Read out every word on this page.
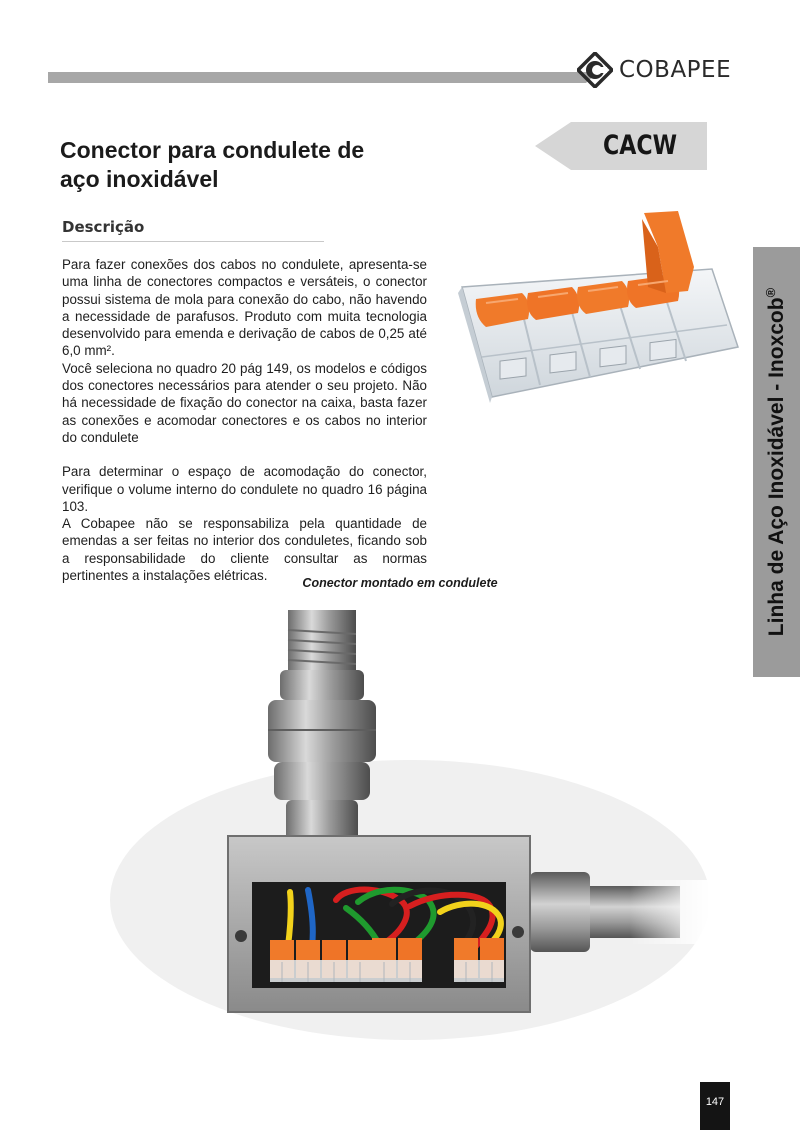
COBAPEE
Conector para condulete de
aço inoxidável
CACW
Descrição

Para fazer conexões dos cabos no condulete, apresenta-se uma linha de conectores compactos e versáteis, o conector possui sistema de mola para conexão do cabo, não havendo a necessidade de parafusos. Produto com muita tecnologia desenvolvido para emenda e derivação de cabos de 0,25 até 6,0 mm².

Você seleciona no quadro 20 pág 149, os modelos e códigos dos conectores necessários para atender o seu projeto. Não há necessidade de fixação do conector na caixa, basta fazer as conexões e acomodar conectores e os cabos no interior do condulete

Para determinar o espaço de acomodação do conector, verifique o volume interno do condulete no quadro 16 página 103.

A Cobapee não se responsabiliza pela quantidade de emendas a ser feitas no interior dos conduletes, ficando sob a responsabilidade do cliente consultar as normas pertinentes a instalações elétricas.	Linha de Aço Inoxidável - Inoxcob®
Conector montado em condulete
147
